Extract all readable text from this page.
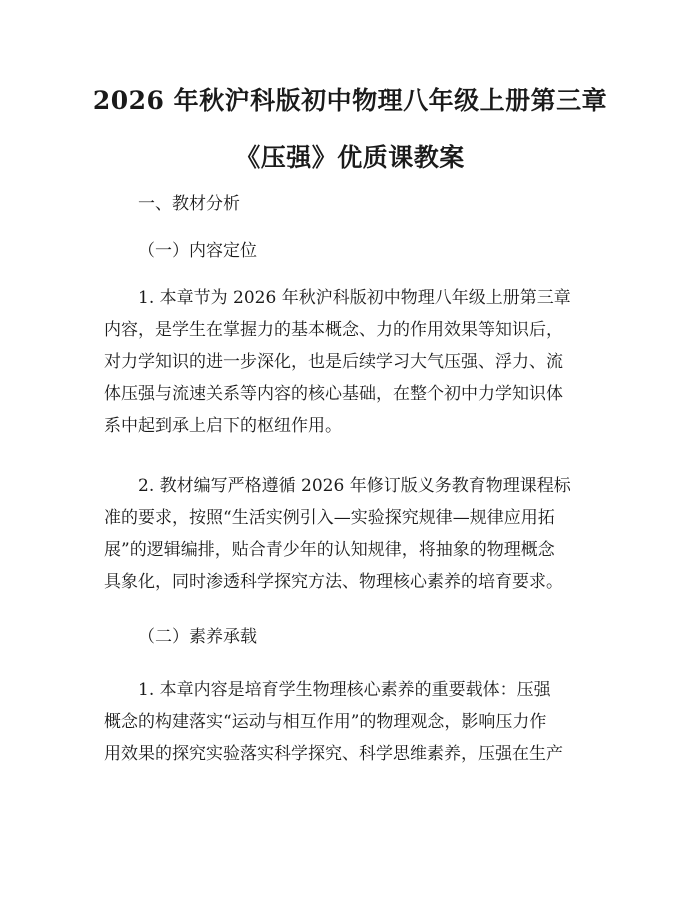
2026 年秋沪科版初中物理八年级上册第三章
《压强》优质课教案
一、教材分析
（一）内容定位
1. 本章节为 2026 年秋沪科版初中物理八年级上册第三章
内容，是学生在掌握力的基本概念、力的作用效果等知识后，
对力学知识的进一步深化，也是后续学习大气压强、浮力、流
体压强与流速关系等内容的核心基础，在整个初中力学知识体
系中起到承上启下的枢纽作用。
2. 教材编写严格遵循 2026 年修订版义务教育物理课程标
准的要求，按照“生活实例引入—实验探究规律—规律应用拓
展”的逻辑编排，贴合青少年的认知规律，将抽象的物理概念
具象化，同时渗透科学探究方法、物理核心素养的培育要求。
（二）素养承载
1. 本章内容是培育学生物理核心素养的重要载体：压强
概念的构建落实“运动与相互作用”的物理观念，影响压力作
用效果的探究实验落实科学探究、科学思维素养，压强在生产
